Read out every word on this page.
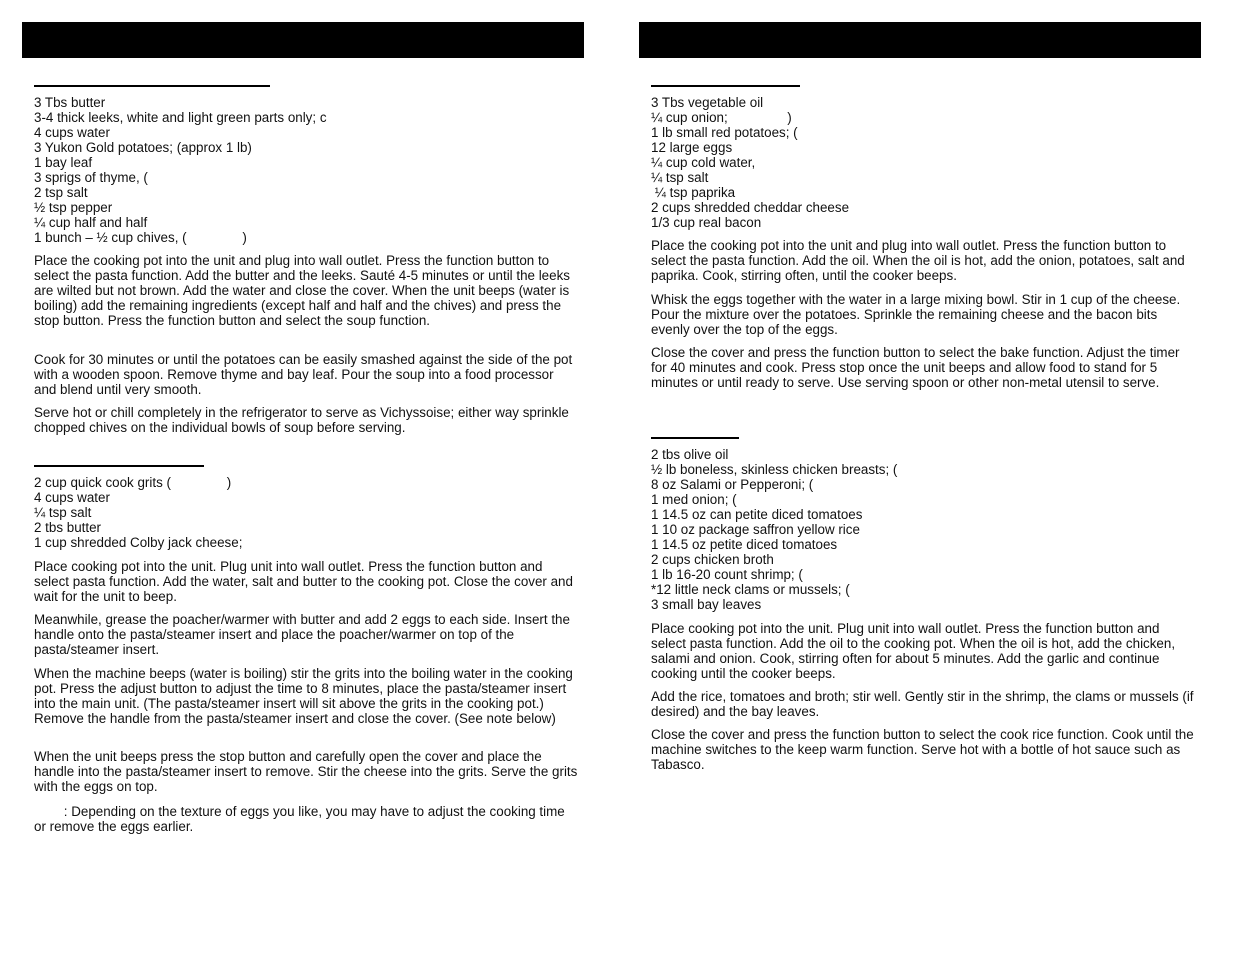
3 Tbs butter
3-4 thick leeks, white and light green parts only; c
4 cups water
3 Yukon Gold potatoes; (approx 1 lb)
1 bay leaf
3 sprigs of thyme, (
2 tsp salt
½ tsp pepper
¼ cup half and half
1 bunch – ½ cup chives, (               )
Place the cooking pot into the unit and plug into wall outlet. Press the function button to select the pasta function. Add the butter and the leeks. Sauté 4-5 minutes or until the leeks are wilted but not brown. Add the water and close the cover. When the unit beeps (water is boiling) add the remaining ingredients (except half and half and the chives) and press the stop button. Press the function button and select the soup function.
Cook for 30 minutes or until the potatoes can be easily smashed against the side of the pot with a wooden spoon. Remove thyme and bay leaf. Pour the soup into a food processor and blend until very smooth.
Serve hot or chill completely in the refrigerator to serve as Vichyssoise; either way sprinkle chopped chives on the individual bowls of soup before serving.
2 cup quick cook grits (               )
4 cups water
¼ tsp salt
2 tbs butter
1 cup shredded Colby jack cheese;
Place cooking pot into the unit. Plug unit into wall outlet. Press the function button and select pasta function. Add the water, salt and butter to the cooking pot. Close the cover and wait for the unit to beep.
Meanwhile, grease the poacher/warmer with butter and add 2 eggs to each side. Insert the handle onto the pasta/steamer insert and place the poacher/warmer on top of the pasta/steamer insert.
When the machine beeps (water is boiling) stir the grits into the boiling water in the cooking pot. Press the adjust button to adjust the time to 8 minutes, place the pasta/steamer insert into the main unit. (The pasta/steamer insert will sit above the grits in the cooking pot.) Remove the handle from the pasta/steamer insert and close the cover. (See note below)
When the unit beeps press the stop button and carefully open the cover and place the handle into the pasta/steamer insert to remove. Stir the cheese into the grits. Serve the grits with the eggs on top.
: Depending on the texture of eggs you like, you may have to adjust the cooking time or remove the eggs earlier.
3 Tbs vegetable oil
¼ cup onion;                )
1 lb small red potatoes; (
12 large eggs
¼ cup cold water,
¼ tsp salt
¼ tsp paprika
2 cups shredded cheddar cheese
1/3 cup real bacon
Place the cooking pot into the unit and plug into wall outlet. Press the function button to select the pasta function. Add the oil. When the oil is hot, add the onion, potatoes, salt and paprika. Cook, stirring often, until the cooker beeps.
Whisk the eggs together with the water in a large mixing bowl. Stir in 1 cup of the cheese. Pour the mixture over the potatoes. Sprinkle the remaining cheese and the bacon bits evenly over the top of the eggs.
Close the cover and press the function button to select the bake function. Adjust the timer for 40 minutes and cook. Press stop once the unit beeps and allow food to stand for 5 minutes or until ready to serve. Use serving spoon or other non-metal utensil to serve.
2 tbs olive oil
½ lb boneless, skinless chicken breasts; (
8 oz Salami or Pepperoni; (
1 med onion; (
1 14.5 oz can petite diced tomatoes
1 10 oz package saffron yellow rice
1 14.5 oz petite diced tomatoes
2 cups chicken broth
1 lb 16-20 count shrimp; (
*12 little neck clams or mussels; (
3 small bay leaves
Place cooking pot into the unit. Plug unit into wall outlet. Press the function button and select pasta function. Add the oil to the cooking pot. When the oil is hot, add the chicken, salami and onion. Cook, stirring often for about 5 minutes. Add the garlic and continue cooking until the cooker beeps.
Add the rice, tomatoes and broth; stir well. Gently stir in the shrimp, the clams or mussels (if desired) and the bay leaves.
Close the cover and press the function button to select the cook rice function. Cook until the machine switches to the keep warm function. Serve hot with a bottle of hot sauce such as Tabasco.
